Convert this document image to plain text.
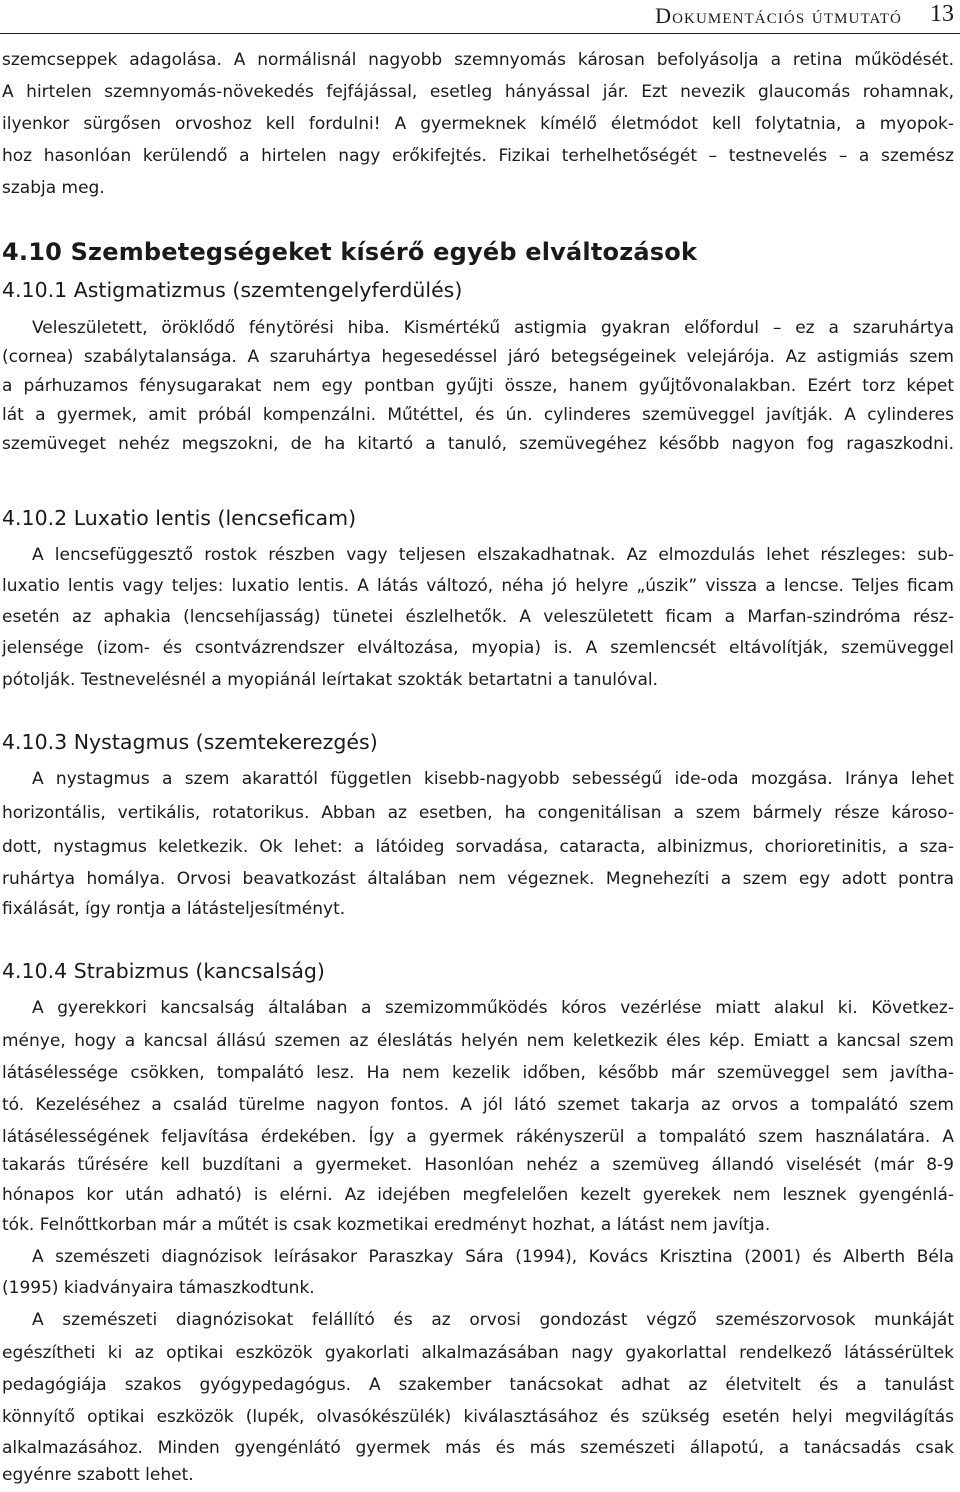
Dokumentációs útmutató 13
szemcseppek adagolása. A normálisnál nagyobb szemnyomás károsan befolyásolja a retina működését.
A hirtelen szemnyomás-növekedés fejfájással, esetleg hányással jár. Ezt nevezik glaucomás rohamnak,
ilyenkor sürgősen orvoshoz kell fordulni! A gyermeknek kímélő életmódot kell folytatnia, a myopok-
hoz hasonlóan kerülendő a hirtelen nagy erőkifejtés. Fizikai terhelhetőségét – testnevelés – a szemész
szabja meg.
4.10 Szembetegségeket kísérő egyéb elváltozások
4.10.1 Astigmatizmus (szemtengelyferdülés)
Veleszületett, öröklődő fénytörési hiba. Kismértékű astigmia gyakran előfordul – ez a szaruhártya
(cornea) szabálytalansága. A szaruhártya hegesedéssel járó betegségeinek velejárója. Az astigmiás szem
a párhuzamos fénysugarakat nem egy pontban gyűjti össze, hanem gyűjtővonalakban. Ezért torz képet
lát a gyermek, amit próbál kompenzálni. Műtéttel, és ún. cylinderes szemüveggel javítják. A cylinderes
szemüveget nehéz megszokni, de ha kitartó a tanuló, szemüvegéhez később nagyon fog ragaszkodni.
4.10.2 Luxatio lentis (lencseficam)
A lencsefüggesztő rostok részben vagy teljesen elszakadhatnak. Az elmozdulás lehet részleges: sub-
luxatio lentis vagy teljes: luxatio lentis. A látás változó, néha jó helyre „úszik” vissza a lencse. Teljes ficam
esetén az aphakia (lencsehíjasság) tünetei észlelhetők. A veleszületett ficam a Marfan-szindróma rész-
jelensége (izom- és csontvázrendszer elváltozása, myopia) is. A szemlencsét eltávolítják, szemüveggel
pótolják. Testnevelésnél a myopiánál leírtakat szokták betartatni a tanulóval.
4.10.3 Nystagmus (szemtekerezgés)
A nystagmus a szem akarattól független kisebb-nagyobb sebességű ide-oda mozgása. Iránya lehet
horizontális, vertikális, rotatorikus. Abban az esetben, ha congenitálisan a szem bármely része károso-
dott, nystagmus keletkezik. Ok lehet: a látóideg sorvadása, cataracta, albinizmus, chorioretinitis, a sza-
ruhártya homálya. Orvosi beavatkozást általában nem végeznek. Megnehezíti a szem egy adott pontra
fixálását, így rontja a látásteljesítményt.
4.10.4 Strabizmus (kancsalság)
A gyerekkori kancsalság általában a szemizomműködés kóros vezérlése miatt alakul ki. Következ-
ménye, hogy a kancsal állású szemen az éleslátás helyén nem keletkezik éles kép. Emiatt a kancsal szem
látásélessége csökken, tompalátó lesz. Ha nem kezelik időben, később már szemüveggel sem javítha-
tó. Kezeléséhez a család türelme nagyon fontos. A jól látó szemet takarja az orvos a tompalátó szem
látásélességének feljavítása érdekében. Így a gyermek rákényszerül a tompalátó szem használatára. A
takarás tűrésére kell buzdítani a gyermeket. Hasonlóan nehéz a szemüveg állandó viselését (már 8-9
hónapos kor után adható) is elérni. Az idejében megfelelően kezelt gyerekek nem lesznek gyengénlá-
tók. Felnőttkorban már a műtét is csak kozmetikai eredményt hozhat, a látást nem javítja.
A szemészeti diagnózisok leírásakor Paraszkay Sára (1994), Kovács Krisztina (2001) és Alberth Béla
(1995) kiadványaira támaszkodtunk.
A szemészeti diagnózisokat felállító és az orvosi gondozást végző szemészorvosok munkáját
egészítheti ki az optikai eszközök gyakorlati alkalmazásában nagy gyakorlattal rendelkező látássérültek
pedagógiája szakos gyógypedagógus. A szakember tanácsokat adhat az életvitelt és a tanulást
könnyítő optikai eszközök (lupék, olvasókészülék) kiválasztásához és szükség esetén helyi megvilágítás
alkalmazásához. Minden gyengénlátó gyermek más és más szemészeti állapotú, a tanácsadás csak
egyénre szabott lehet.
